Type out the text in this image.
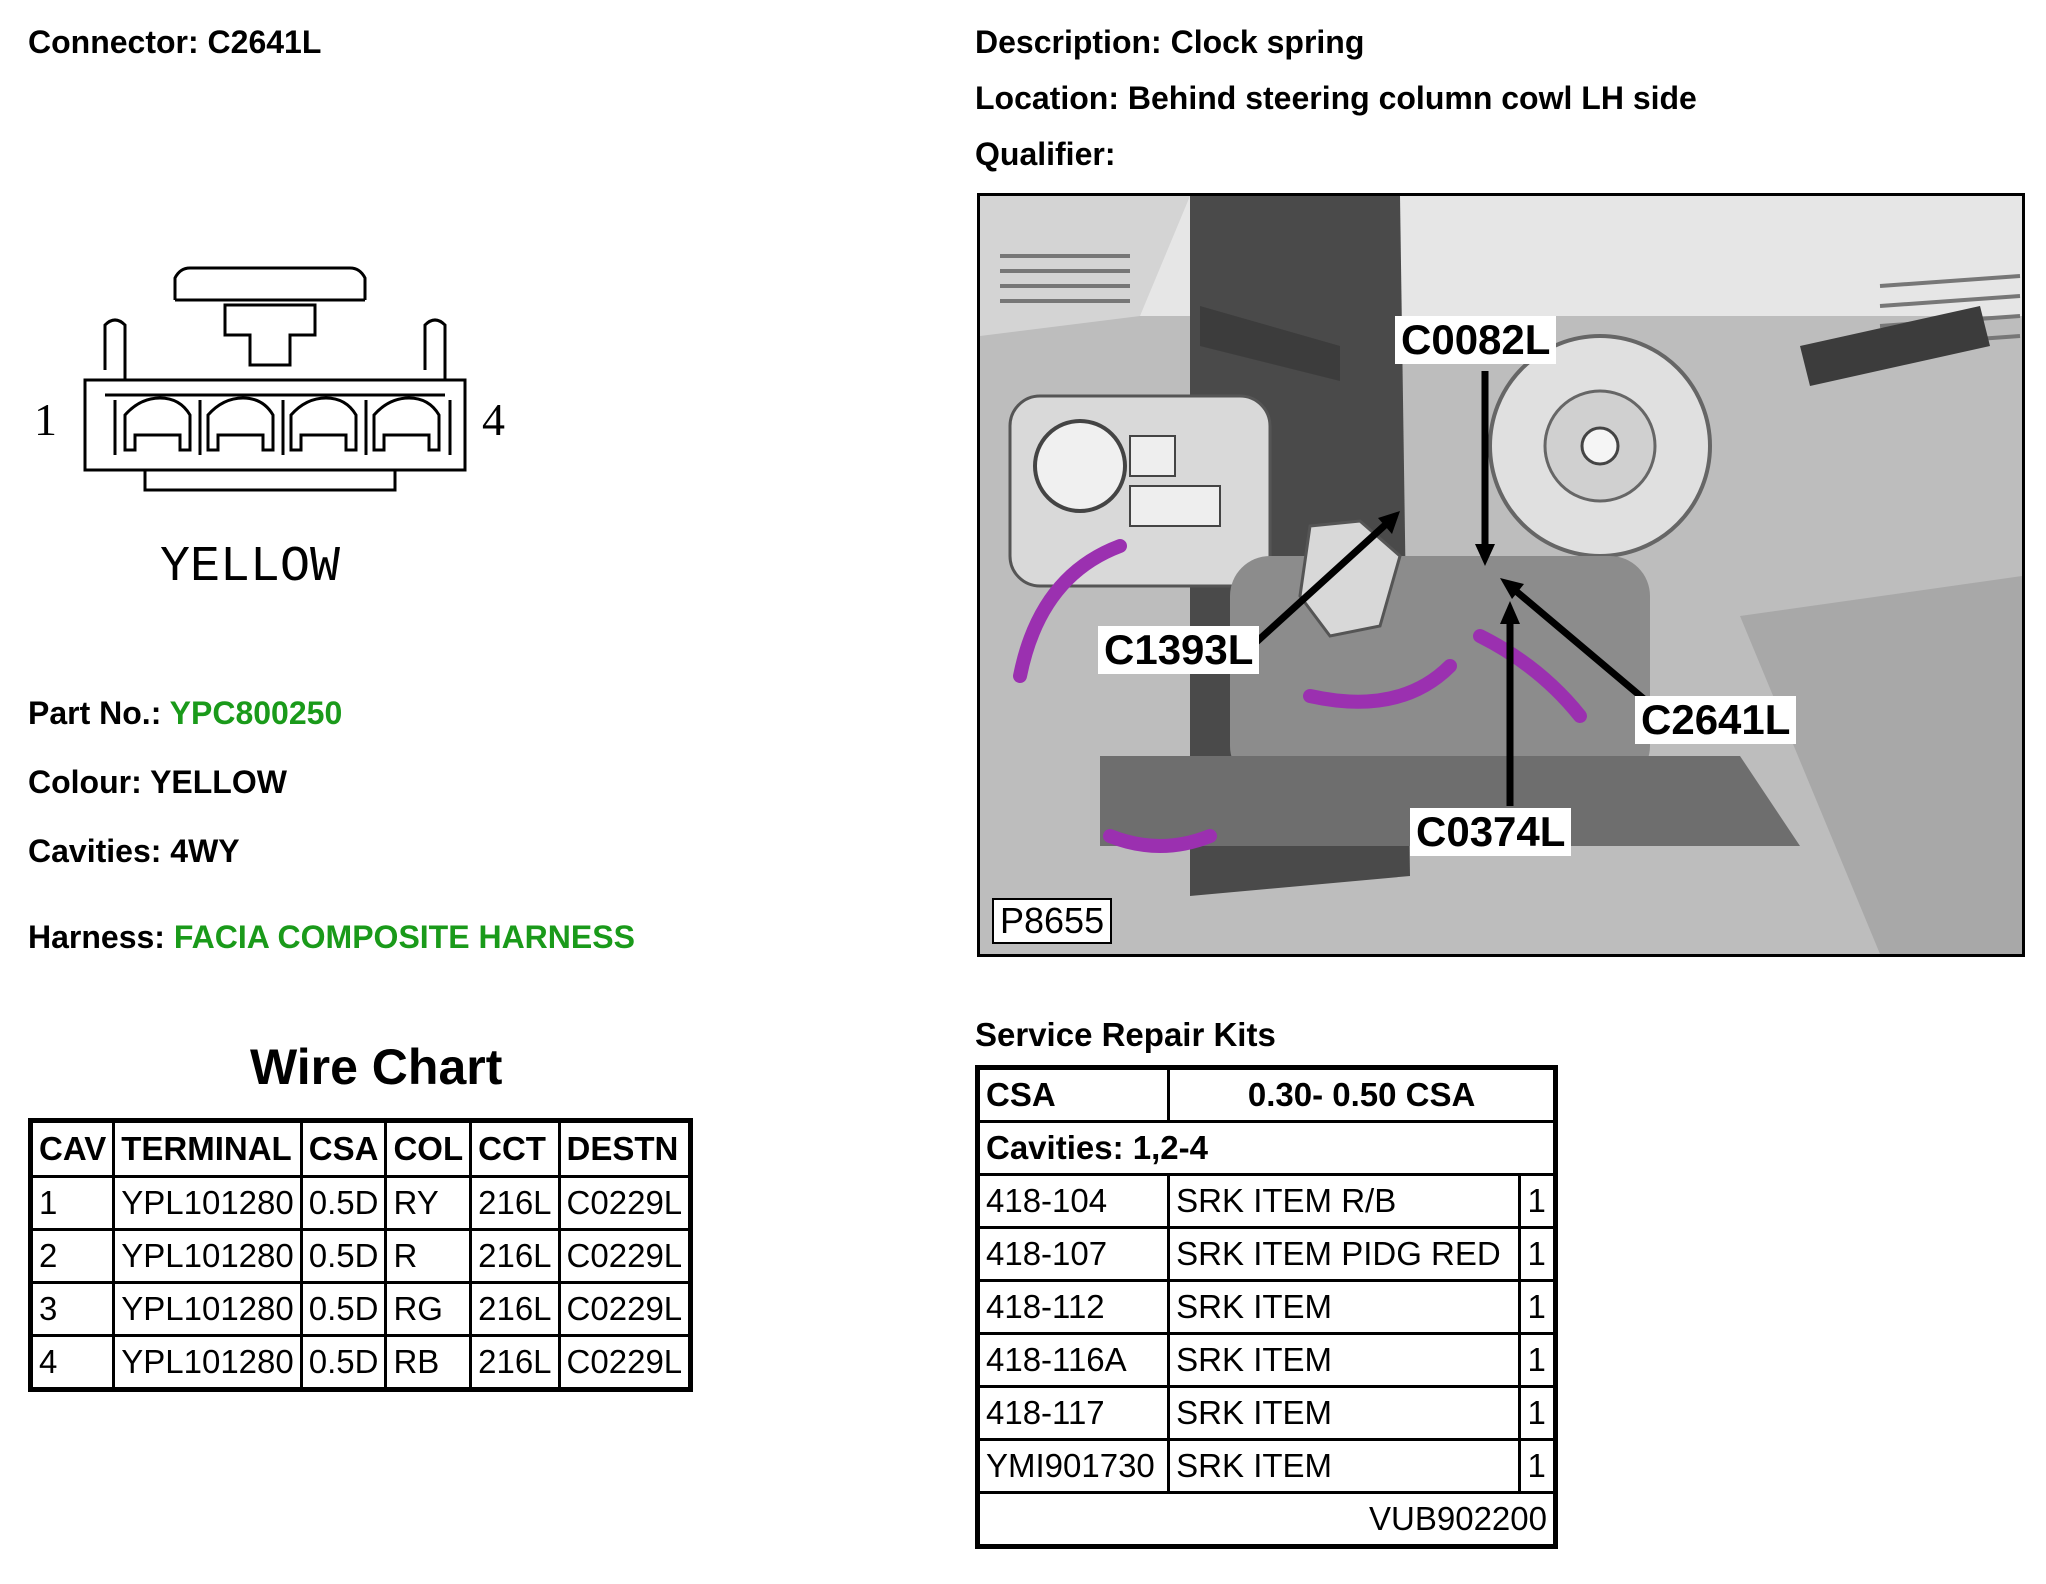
Connector: C2641L	Description: Clock spring
Location: Behind steering column cowl LH side
Qualifier:
1	4
YELLOW
Part No.: YPC800250
Colour: YELLOW
Cavities: 4WY
Harness: FACIA COMPOSITE HARNESS
Wire Chart
CAV	TERMINAL	CSA	COL	CCT	DESTN
1	YPL101280	0.5D	RY	216L	C0229L
2	YPL101280	0.5D	R	216L	C0229L
3	YPL101280	0.5D	RG	216L	C0229L
4	YPL101280	0.5D	RB	216L	C0229L
C0082L
C1393L
C2641L
C0374L
P8655
Service Repair Kits
CSA	0.30- 0.50 CSA	
Cavities: 1,2-4		
418-104	SRK ITEM R/B	1
418-107	SRK ITEM PIDG RED	1
418-112	SRK ITEM	1
418-116A	SRK ITEM	1
418-117	SRK ITEM	1
YMI901730	SRK ITEM	1
VUB902200		
